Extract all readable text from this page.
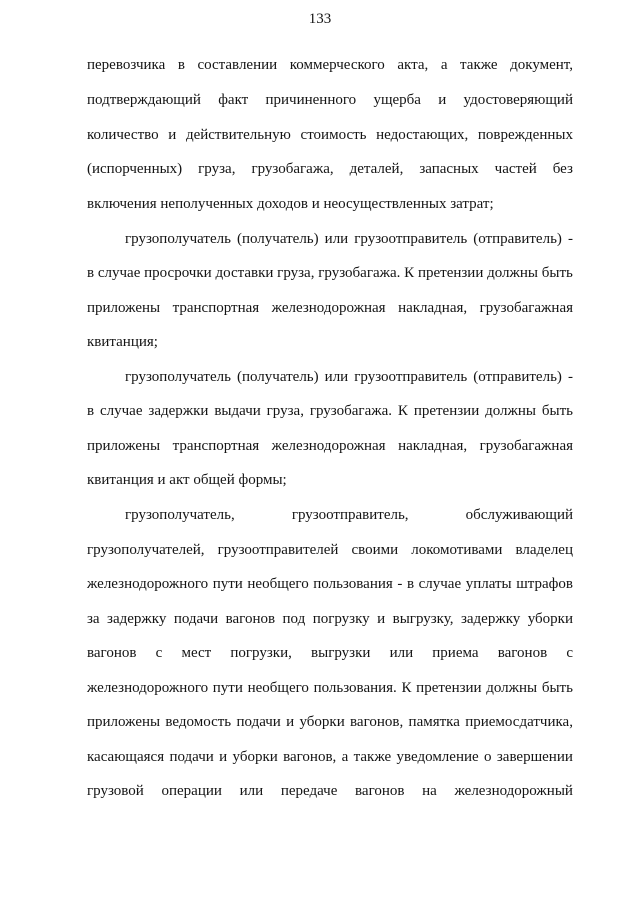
133
перевозчика в составлении коммерческого акта, а также документ,
подтверждающий факт причиненного ущерба и удостоверяющий
количество и действительную стоимость недостающих, поврежденных
(испорченных) груза, грузобагажа, деталей, запасных частей без
включения неполученных доходов и неосуществленных затрат;
грузополучатель (получатель) или грузоотправитель (отправитель) -
в случае просрочки доставки груза, грузобагажа. К претензии должны быть
приложены транспортная железнодорожная накладная, грузобагажная
квитанция;
грузополучатель (получатель) или грузоотправитель (отправитель) -
в случае задержки выдачи груза, грузобагажа. К претензии должны быть
приложены транспортная железнодорожная накладная, грузобагажная
квитанция и акт общей формы;
грузополучатель,	грузоотправитель,	обслуживающий
грузополучателей, грузоотправителей своими локомотивами владелец
железнодорожного пути необщего пользования - в случае уплаты штрафов
за задержку подачи вагонов под погрузку и выгрузку, задержку уборки
вагонов с мест погрузки, выгрузки или приема вагонов с
железнодорожного пути необщего пользования. К претензии должны быть
приложены ведомость подачи и уборки вагонов, памятка приемосдатчика,
касающаяся подачи и уборки вагонов, а также уведомление о завершении
грузовой операции или передаче вагонов на железнодорожный
